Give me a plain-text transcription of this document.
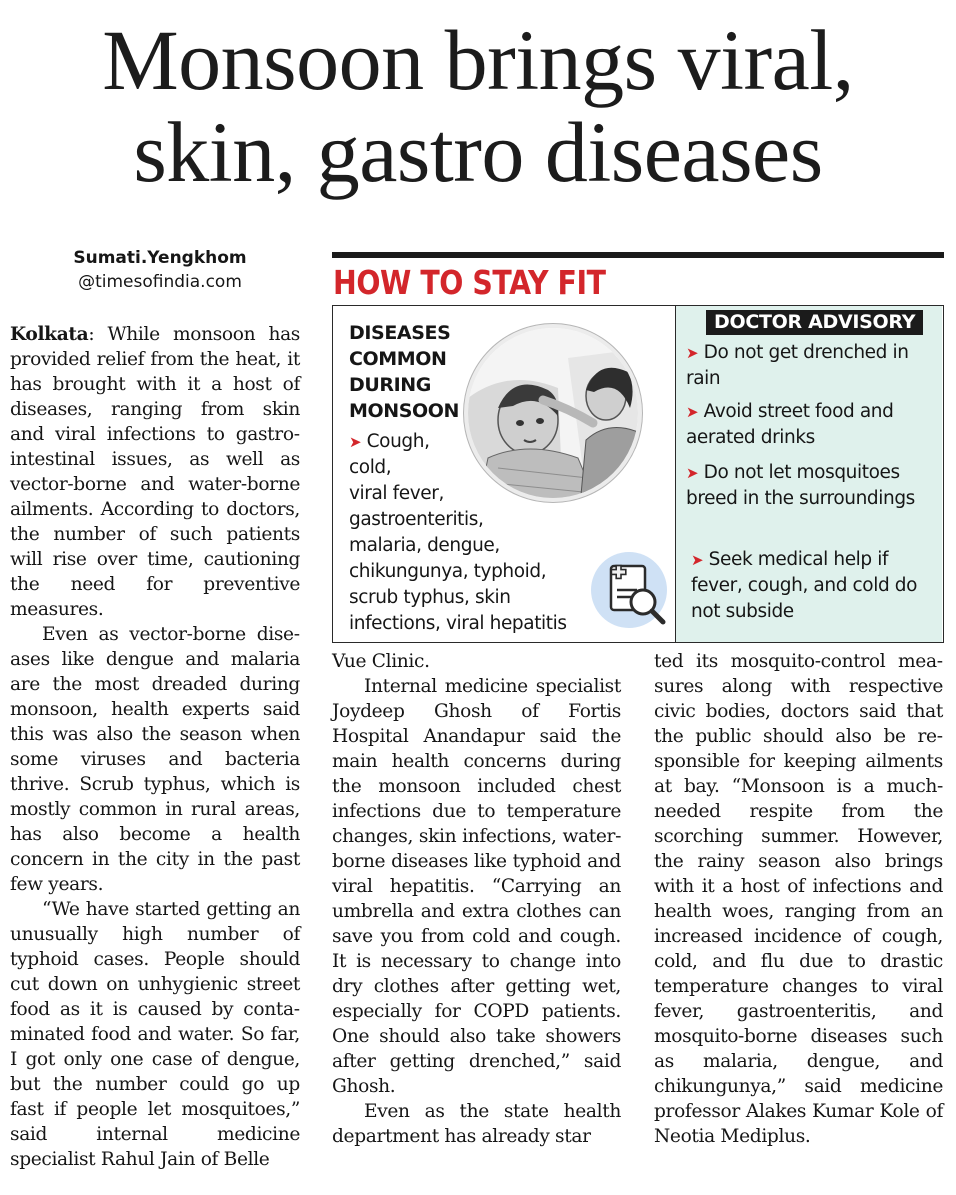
Monsoon brings viral,
skin, gastro diseases
Sumati.Yengkhom
@timesofindia.com

Kolkata: While monsoon has provided relief from the heat, it has brought with it a host of diseases, ranging from skin and viral infections to gastrointestinal issues, as well as vector-borne and water-borne ailments. According to doctors, the number of such patients will rise over time, cautioning the need for preventive measures.

Even as vector-borne diseases like dengue and malaria are the most dreaded during monsoon, health experts said this was also the season when some viruses and bacteria thrive. Scrub typhus, which is mostly common in rural areas, has also become a health concern in the city in the past few years.

“We have started getting an unusually high number of typhoid cases. People should cut down on unhygienic street food as it is caused by contaminated food and water. So far, I got only one case of dengue, but the number could go up fast if people let mosquitoes,” said internal medicine specialist Rahul Jain of Belle

HOW TO STAY FIT
DISEASES
COMMON
DURING
MONSOON
➤ Cough,
cold,
viral fever,
gastroenteritis,
malaria, dengue,
chikungunya, typhoid,
scrub typhus, skin

infections, viral hepatitis
DOCTOR ADVISORY
➤ Do not get drenched in rain
➤ Avoid street food and aerated drinks
➤ Do not let mosquitoes breed in the surroundings
➤ Seek medical help if fever, cough, and cold do not subside

Vue Clinic.

Internal medicine specialist Joydeep Ghosh of Fortis Hospital Anandapur said the main health concerns during the monsoon included chest infections due to temperature changes, skin infections, water-borne diseases like typhoid and viral hepatitis. “Carrying an umbrella and extra clothes can save you from cold and cough. It is necessary to change into dry clothes after getting wet, especially for COPD patients. One should also take showers after getting drenched,” said Ghosh.

Even as the state health department has already star

ted its mosquito-control measures along with respective civic bodies, doctors said that the public should also be responsible for keeping ailments at bay. “Monsoon is a much-needed respite from the scorching summer. However, the rainy season also brings with it a host of infections and health woes, ranging from an increased incidence of cough, cold, and flu due to drastic temperature changes to viral fever, gastroenteritis, and mosquito-borne diseases such as malaria, dengue, and chikungunya,” said medicine professor Alakes Kumar Kole of Neotia Mediplus.
